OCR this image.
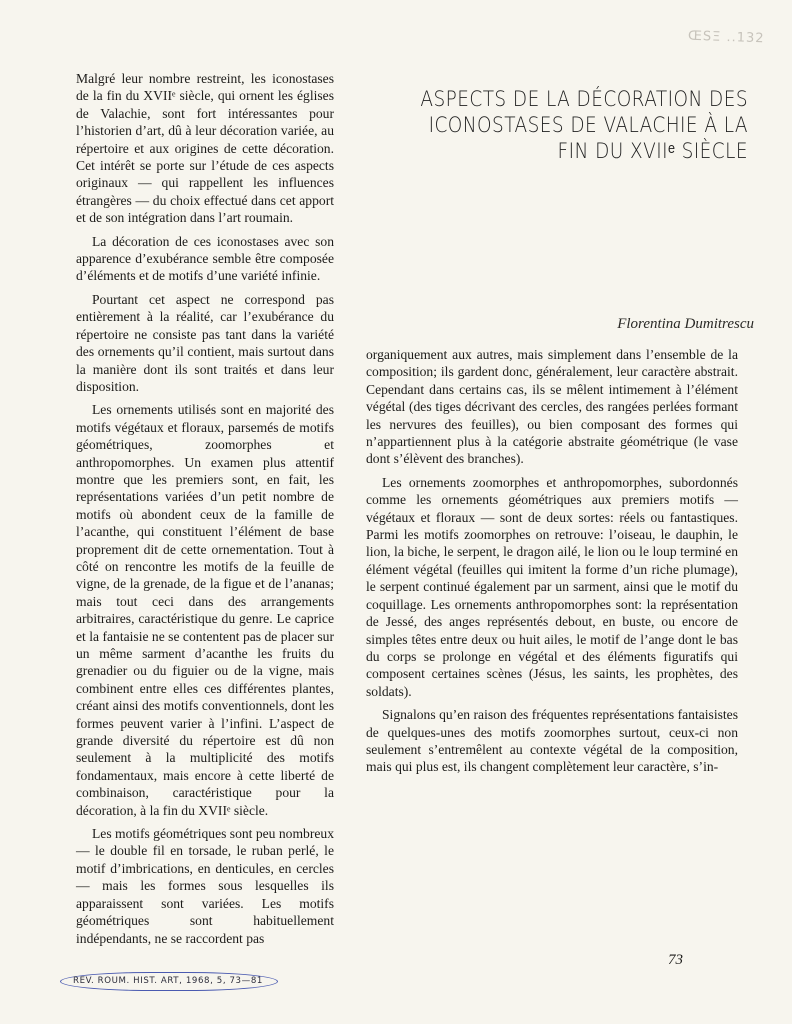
ŒSΞ ..132

Malgré leur nombre restreint, les iconostases de la fin du XVIIᵉ siècle, qui ornent les églises de Valachie, sont fort intéressantes pour l’historien d’art, dû à leur décoration variée, au répertoire et aux origines de cette décoration. Cet intérêt se porte sur l’étude de ces aspects originaux — qui rappellent les influences étrangères — du choix effectué dans cet apport et de son intégration dans l’art roumain.

La décoration de ces iconostases avec son apparence d’exubérance semble être composée d’éléments et de motifs d’une variété infinie.

Pourtant cet aspect ne correspond pas entièrement à la réalité, car l’exubérance du répertoire ne consiste pas tant dans la variété des ornements qu’il contient, mais surtout dans la manière dont ils sont traités et dans leur disposition.

Les ornements utilisés sont en majorité des motifs végétaux et floraux, parsemés de motifs géométriques, zoomorphes et anthropomorphes. Un examen plus attentif montre que les premiers sont, en fait, les représentations variées d’un petit nombre de motifs où abondent ceux de la famille de l’acanthe, qui constituent l’élément de base proprement dit de cette ornementation. Tout à côté on rencontre les motifs de la feuille de vigne, de la grenade, de la figue et de l’ananas; mais tout ceci dans des arrangements arbitraires, caractéristique du genre. Le caprice et la fantaisie ne se contentent pas de placer sur un même sarment d’acanthe les fruits du grenadier ou du figuier ou de la vigne, mais combinent entre elles ces différentes plantes, créant ainsi des motifs conventionnels, dont les formes peuvent varier à l’infini. L’aspect de grande diversité du répertoire est dû non seulement à la multiplicité des motifs fondamentaux, mais encore à cette liberté de combinaison, caractéristique pour la décoration, à la fin du XVIIᵉ siècle.

Les motifs géométriques sont peu nombreux — le double fil en torsade, le ruban perlé, le motif d’imbrications, en denticules, en cercles — mais les formes sous lesquelles ils apparaissent sont variées. Les motifs géométriques sont habituellement indépendants, ne se raccordent pas

ASPECTS DE LA DÉCORATION DES ICONOSTASES DE VALACHIE À LA FIN DU XVIIᵉ SIÈCLE
Florentina Dumitrescu

organiquement aux autres, mais simplement dans l’ensemble de la composition; ils gardent donc, généralement, leur caractère abstrait. Cependant dans certains cas, ils se mêlent intimement à l’élément végétal (des tiges décrivant des cercles, des rangées perlées formant les nervures des feuilles), ou bien composant des formes qui n’appartiennent plus à la catégorie abstraite géométrique (le vase dont s’élèvent des branches).

Les ornements zoomorphes et anthropomorphes, subordonnés comme les ornements géométriques aux premiers motifs — végétaux et floraux — sont de deux sortes: réels ou fantastiques. Parmi les motifs zoomorphes on retrouve: l’oiseau, le dauphin, le lion, la biche, le serpent, le dragon ailé, le lion ou le loup terminé en élément végétal (feuilles qui imitent la forme d’un riche plumage), le serpent continué également par un sarment, ainsi que le motif du coquillage. Les ornements anthropomorphes sont: la représentation de Jessé, des anges représentés debout, en buste, ou encore de simples têtes entre deux ou huit ailes, le motif de l’ange dont le bas du corps se prolonge en végétal et des éléments figuratifs qui composent certaines scènes (Jésus, les saints, les prophètes, des soldats).

Signalons qu’en raison des fréquentes représentations fantaisistes de quelques-unes des motifs zoomorphes surtout, ceux-ci non seulement s’entremêlent au contexte végétal de la composition, mais qui plus est, ils changent complètement leur caractère, s’in-

REV. ROUM. HIST. ART, 1968, 5, 73—81
73
